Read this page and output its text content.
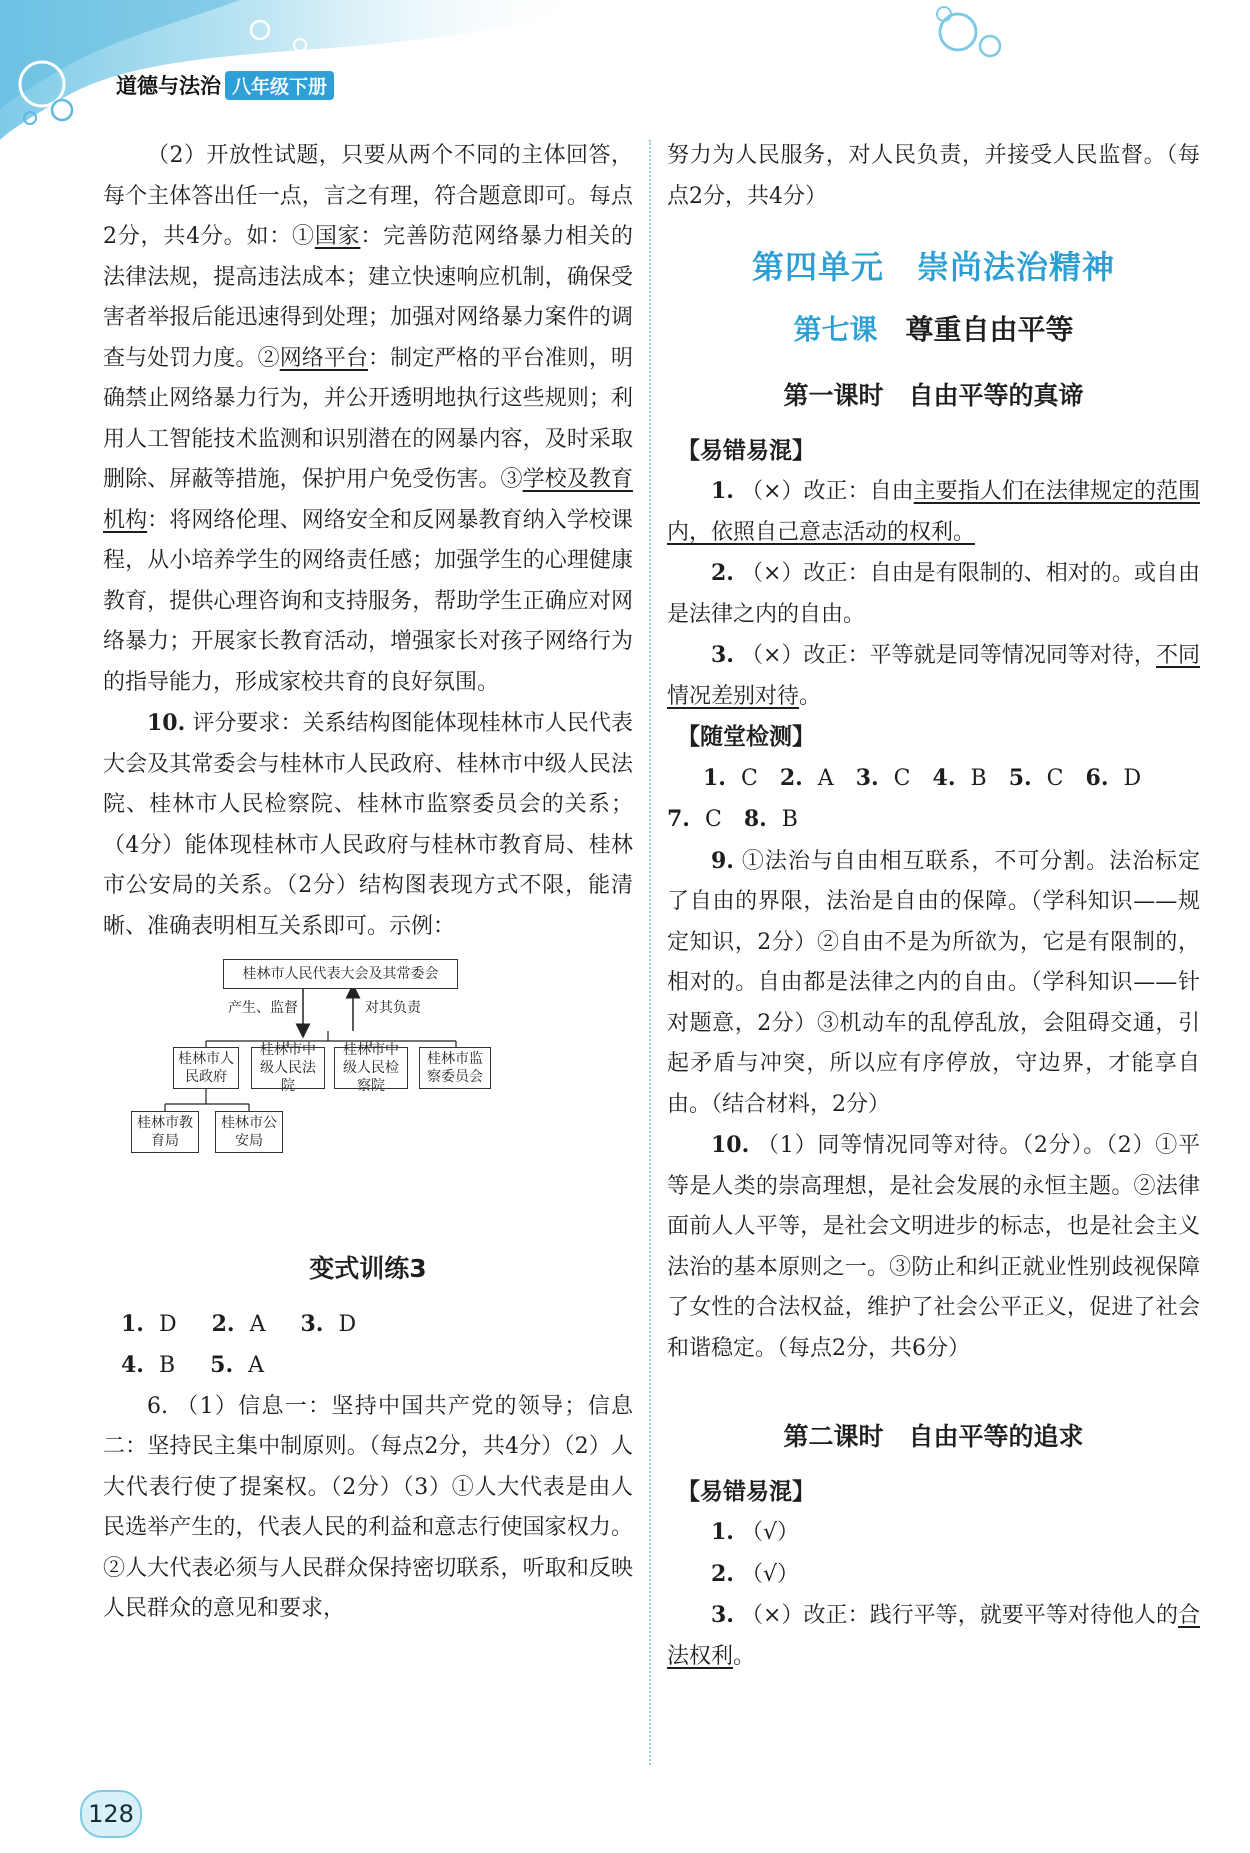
道德与法治 八年级下册

（2）开放性试题，只要从两个不同的主体回答，每个主体答出任一点，言之有理，符合题意即可。每点2分，共4分。如：①国家：完善防范网络暴力相关的法律法规，提高违法成本；建立快速响应机制，确保受害者举报后能迅速得到处理；加强对网络暴力案件的调查与处罚力度。②网络平台：制定严格的平台准则，明确禁止网络暴力行为，并公开透明地执行这些规则；利用人工智能技术监测和识别潜在的网暴内容，及时采取删除、屏蔽等措施，保护用户免受伤害。③学校及教育机构：将网络伦理、网络安全和反网暴教育纳入学校课程，从小培养学生的网络责任感；加强学生的心理健康教育，提供心理咨询和支持服务，帮助学生正确应对网络暴力；开展家长教育活动，增强家长对孩子网络行为的指导能力，形成家校共育的良好氛围。

10. 评分要求：关系结构图能体现桂林市人民代表大会及其常委会与桂林市人民政府、桂林市中级人民法院、桂林市人民检察院、桂林市监察委员会的关系；（4分）能体现桂林市人民政府与桂林市教育局、桂林市公安局的关系。（2分）结构图表现方式不限，能清晰、准确表明相互关系即可。示例：

桂林市人民代表大会及其常委会
产生、监督	对其负责
桂林市人民政府
桂林市中级人民法院
桂林市中级人民检察院
桂林市监察委员会
桂林市教育局
桂林市公安局
变式训练3

1. D　 2. A　 3. D

4. B　 5. A

6. （1）信息一：坚持中国共产党的领导；信息二：坚持民主集中制原则。（每点2分，共4分）（2）人大代表行使了提案权。（2分）（3）①人大代表是由人民选举产生的，代表人民的利益和意志行使国家权力。②人大代表必须与人民群众保持密切联系，听取和反映人民群众的意见和要求，

努力为人民服务，对人民负责，并接受人民监督。（每点2分，共4分）

第四单元　崇尚法治精神
第七课　 尊重自由平等
第一课时　自由平等的真谛
【易错易混】

1. （×）改正：自由主要指人们在法律规定的范围内，依照自己意志活动的权利。

2. （×）改正：自由是有限制的、相对的。或自由是法律之内的自由。

3. （×）改正：平等就是同等情况同等对待，不同情况差别对待。

【随堂检测】

1. C　 2. A　 3. C　 4. B　 5. C　 6. D

7. C　 8. B

9. ①法治与自由相互联系，不可分割。法治标定了自由的界限，法治是自由的保障。（学科知识——规定知识，2分）②自由不是为所欲为，它是有限制的，相对的。自由都是法律之内的自由。（学科知识——针对题意，2分）③机动车的乱停乱放，会阻碍交通，引起矛盾与冲突，所以应有序停放，守边界，才能享自由。（结合材料，2分）

10. （1）同等情况同等对待。（2分）。（2）①平等是人类的崇高理想，是社会发展的永恒主题。②法律面前人人平等，是社会文明进步的标志，也是社会主义法治的基本原则之一。③防止和纠正就业性别歧视保障了女性的合法权益，维护了社会公平正义，促进了社会和谐稳定。（每点2分，共6分）

第二课时　自由平等的追求
【易错易混】

1. （√）

2. （√）

3. （×）改正：践行平等，就要平等对待他人的合法权利。

128
